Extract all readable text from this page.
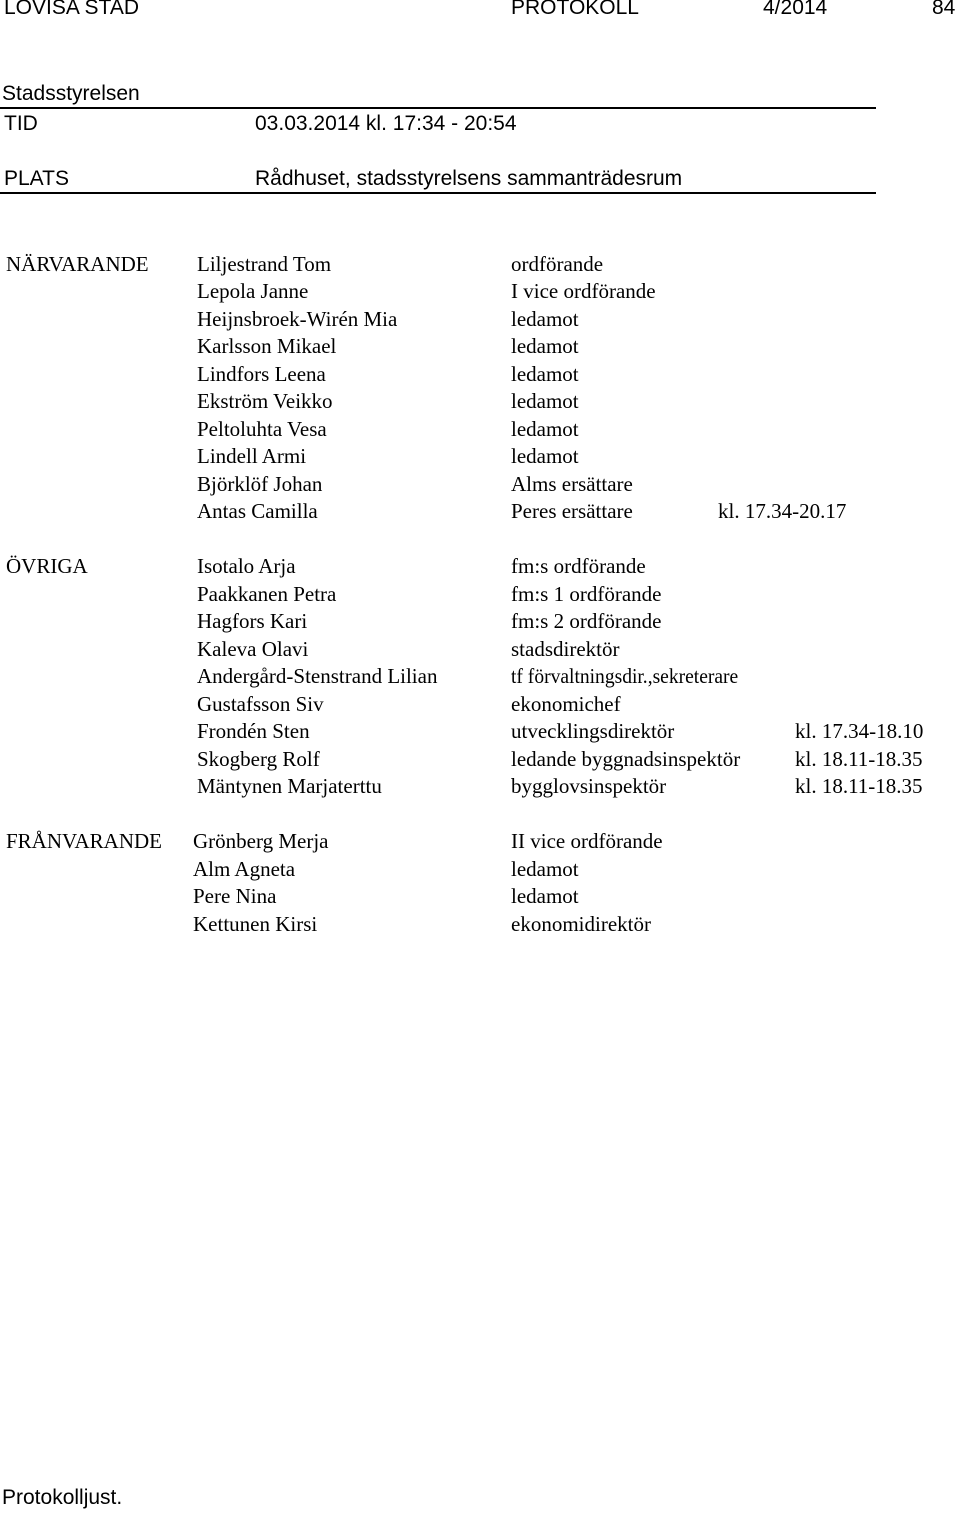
LOVISA STAD	PROTOKOLL	4/2014	84
Stadsstyrelsen
TID	03.03.2014 kl. 17:34 - 20:54
PLATS	Rådhuset, stadsstyrelsens sammanträdesrum
NÄRVARANDE Liljestrand Tom	ordförande
Lepola Janne	I vice ordförande
Heijnsbroek-Wirén Mia	ledamot
Karlsson Mikael	ledamot
Lindfors Leena	ledamot
Ekström Veikko	ledamot
Peltoluhta Vesa	ledamot
Lindell Armi	ledamot
Björklöf Johan	Alms ersättare
Antas Camilla	Peres ersättare	kl. 17.34-20.17
ÖVRIGA	Isotalo Arja	fm:s ordförande
Paakkanen Petra	fm:s 1 ordförande
Hagfors Kari	fm:s 2 ordförande
Kaleva Olavi	stadsdirektör
Andergård-Stenstrand Lilian	tf förvaltningsdir.,sekreterare
Gustafsson Siv	ekonomichef
Frondén Sten	utvecklingsdirektör	kl. 17.34-18.10
Skogberg Rolf	ledande byggnadsinspektör	kl. 18.11-18.35
Mäntynen Marjaterttu	bygglovsinspektör	kl. 18.11-18.35
FRÅNVARANDE Grönberg Merja	II vice ordförande
Alm Agneta	ledamot
Pere Nina	ledamot
Kettunen Kirsi	ekonomidirektör
Protokolljust.
